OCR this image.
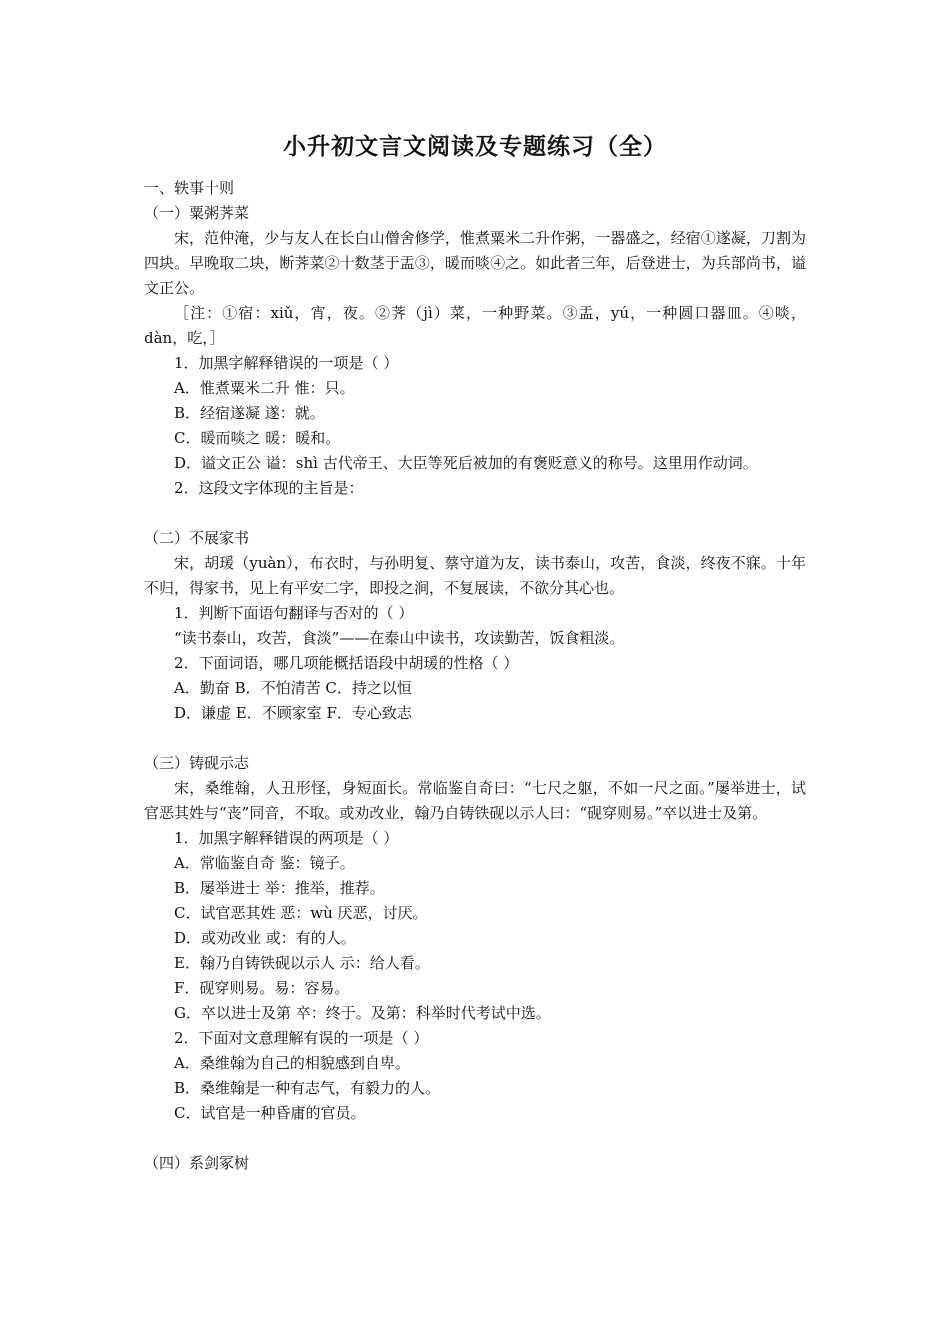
小升初文言文阅读及专题练习（全）
一、轶事十则
（一）粟粥荠菜
宋，范仲淹，少与友人在长白山僧舍修学，惟煮粟米二升作粥，一器盛之，经宿①遂凝，刀割为四块。早晚取二块，断荠菜②十数茎于盂③，暖而啖④之。如此者三年，后登进士，为兵部尚书，谥文正公。
［注：①宿：xiǔ，宵，夜。②荠（jì）菜，一种野菜。③盂，yú，一种圆口器皿。④啖，dàn，吃，］
1．加黑字解释错误的一项是（ ）
A．惟煮粟米二升 惟：只。
B．经宿遂凝 遂：就。
C．暖而啖之 暖：暖和。
D．谥文正公 谥：shì 古代帝王、大臣等死后被加的有褒贬意义的称号。这里用作动词。
2．这段文字体现的主旨是：
（二）不展家书
宋，胡瑗（yuàn），布衣时，与孙明复、蔡守道为友，读书泰山，攻苦，食淡，终夜不寐。十年不归，得家书，见上有平安二字，即投之涧，不复展读，不欲分其心也。
1．判断下面语句翻译与否对的（ ）
“读书泰山，攻苦，食淡”——在泰山中读书，攻读勤苦，饭食粗淡。
2．下面词语，哪几项能概括语段中胡瑗的性格（ ）
A．勤奋 B．不怕清苦 C．持之以恒
D．谦虚 E．不顾家室 F．专心致志
（三）铸砚示志
宋，桑维翰，人丑形怪，身短面长。常临鉴自奇曰：“七尺之躯，不如一尺之面。”屡举进士，试官恶其姓与“丧”同音，不取。或劝改业，翰乃自铸铁砚以示人曰：“砚穿则易。”卒以进士及第。
1．加黑字解释错误的两项是（ ）
A．常临鉴自奇 鉴：镜子。
B．屡举进士 举：推举，推荐。
C．试官恶其姓 恶：wù 厌恶，讨厌。
D．或劝改业 或：有的人。
E．翰乃自铸铁砚以示人 示：给人看。
F．砚穿则易。易：容易。
G．卒以进士及第 卒：终于。及第：科举时代考试中选。
2．下面对文意理解有误的一项是（ ）
A．桑维翰为自己的相貌感到自卑。
B．桑维翰是一种有志气，有毅力的人。
C．试官是一种昏庸的官员。
（四）系剑冢树
